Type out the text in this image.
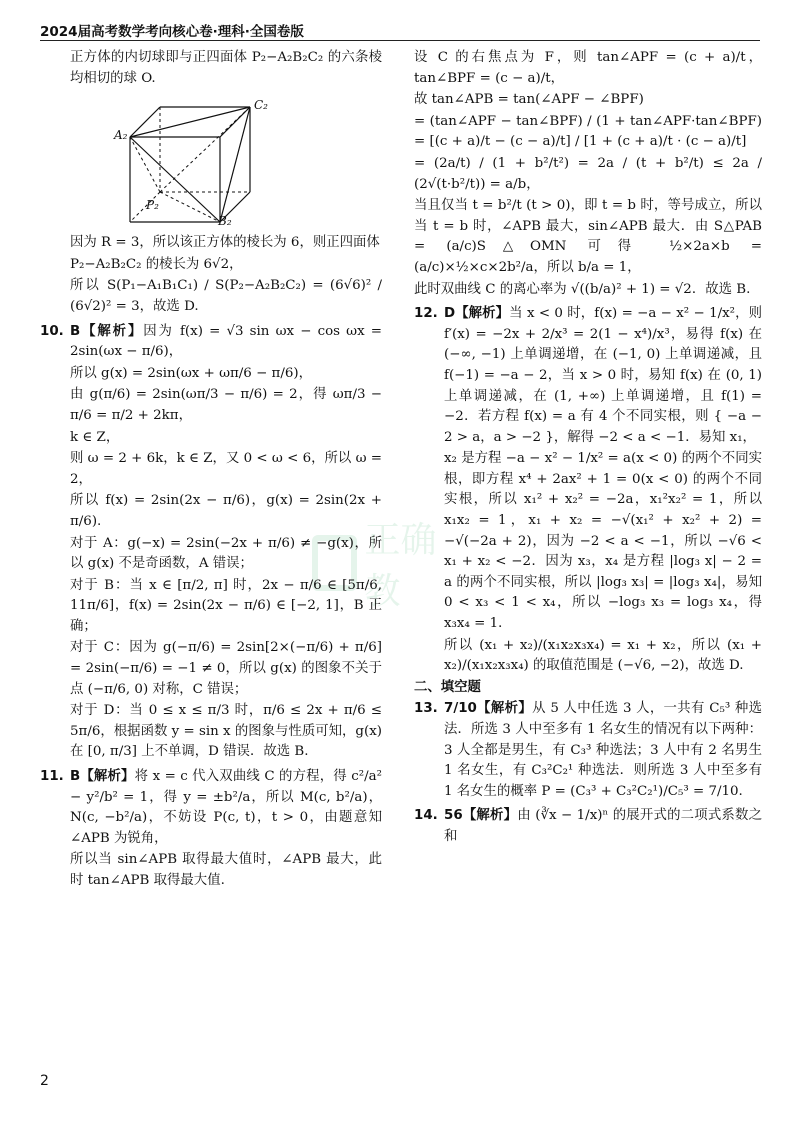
2024届高考数学考向核心卷·理科·全国卷版
正确教

正方体的内切球即与正四面体 P₂−A₂B₂C₂ 的六条棱均相切的球 O.

A₂
C₂
P₂
B₂

因为 R = 3，所以该正方体的棱长为 6，则正四面体

P₂−A₂B₂C₂ 的棱长为 6√2，

所以 S(P₁−A₁B₁C₁) / S(P₂−A₂B₂C₂) = (6√6)² / (6√2)² = 3，故选 D.

10. B【解析】因为 f(x) = √3 sin ωx − cos ωx = 2sin(ωx − π/6)，

所以 g(x) = 2sin(ωx + ωπ/6 − π/6)，

由 g(π/6) = 2sin(ωπ/3 − π/6) = 2，得 ωπ/3 − π/6 = π/2 + 2kπ，

k ∈ Z，

则 ω = 2 + 6k，k ∈ Z，又 0 < ω < 6，所以 ω = 2，

所以 f(x) = 2sin(2x − π/6)，g(x) = 2sin(2x + π/6).

对于 A：g(−x) = 2sin(−2x + π/6) ≠ −g(x)，所以 g(x) 不是奇函数，A 错误；

对于 B：当 x ∈ [π/2, π] 时，2x − π/6 ∈ [5π/6, 11π/6]，f(x) = 2sin(2x − π/6) ∈ [−2, 1]，B 正确；

对于 C：因为 g(−π/6) = 2sin[2×(−π/6) + π/6] = 2sin(−π/6) = −1 ≠ 0，所以 g(x) 的图象不关于点 (−π/6, 0) 对称，C 错误；

对于 D：当 0 ≤ x ≤ π/3 时，π/6 ≤ 2x + π/6 ≤ 5π/6，根据函数 y = sin x 的图象与性质可知，g(x) 在 [0, π/3] 上不单调，D 错误．故选 B.

11. B【解析】将 x = c 代入双曲线 C 的方程，得 c²/a² − y²/b² = 1，得 y = ±b²/a，所以 M(c, b²/a)，N(c, −b²/a)，不妨设 P(c, t)，t > 0，由题意知 ∠APB 为锐角，

所以当 sin∠APB 取得最大值时，∠APB 最大，此时 tan∠APB 取得最大值.

设 C 的右焦点为 F，则 tan∠APF = (c + a)/t，tan∠BPF = (c − a)/t，

故 tan∠APB = tan(∠APF − ∠BPF)

= (tan∠APF − tan∠BPF) / (1 + tan∠APF·tan∠BPF) = [(c + a)/t − (c − a)/t] / [1 + (c + a)/t · (c − a)/t]

= (2a/t) / (1 + b²/t²) = 2a / (t + b²/t) ≤ 2a / (2√(t·b²/t)) = a/b，

当且仅当 t = b²/t (t > 0)，即 t = b 时，等号成立，所以当 t = b 时，∠APB 最大，sin∠APB 最大．由 S△PAB = (a/c)S△OMN 可得 ½×2a×b = (a/c)×½×c×2b²/a，所以 b/a = 1，

此时双曲线 C 的离心率为 √((b/a)² + 1) = √2．故选 B.

12. D【解析】当 x < 0 时，f(x) = −a − x² − 1/x²，则 f′(x) = −2x + 2/x³ = 2(1 − x⁴)/x³，易得 f(x) 在 (−∞, −1) 上单调递增，在 (−1, 0) 上单调递减，且 f(−1) = −a − 2，当 x > 0 时，易知 f(x) 在 (0, 1) 上单调递减，在 (1, +∞) 上单调递增，且 f(1) = −2．若方程 f(x) = a 有 4 个不同实根，则 { −a − 2 > a，a > −2 }，解得 −2 < a < −1．易知 x₁，

x₂ 是方程 −a − x² − 1/x² = a(x < 0) 的两个不同实根，即方程 x⁴ + 2ax² + 1 = 0(x < 0) 的两个不同实根，所以 x₁² + x₂² = −2a，x₁²x₂² = 1，所以 x₁x₂ = 1，x₁ + x₂ = −√(x₁² + x₂² + 2) = −√(−2a + 2)，因为 −2 < a < −1，所以 −√6 < x₁ + x₂ < −2．因为 x₃，x₄ 是方程 |log₃ x| − 2 = a 的两个不同实根，所以 |log₃ x₃| = |log₃ x₄|，易知 0 < x₃ < 1 < x₄，所以 −log₃ x₃ = log₃ x₄，得 x₃x₄ = 1．

所以 (x₁ + x₂)/(x₁x₂x₃x₄) = x₁ + x₂，所以 (x₁ + x₂)/(x₁x₂x₃x₄) 的取值范围是 (−√6, −2)，故选 D.

二、填空题

13. 7/10【解析】从 5 人中任选 3 人，一共有 C₅³ 种选法．所选 3 人中至多有 1 名女生的情况有以下两种：3 人全都是男生，有 C₃³ 种选法；3 人中有 2 名男生 1 名女生，有 C₃²C₂¹ 种选法．则所选 3 人中至多有 1 名女生的概率 P = (C₃³ + C₃²C₂¹)/C₅³ = 7/10.

14. 56【解析】由 (∛x − 1/x)ⁿ 的展开式的二项式系数之和

2
